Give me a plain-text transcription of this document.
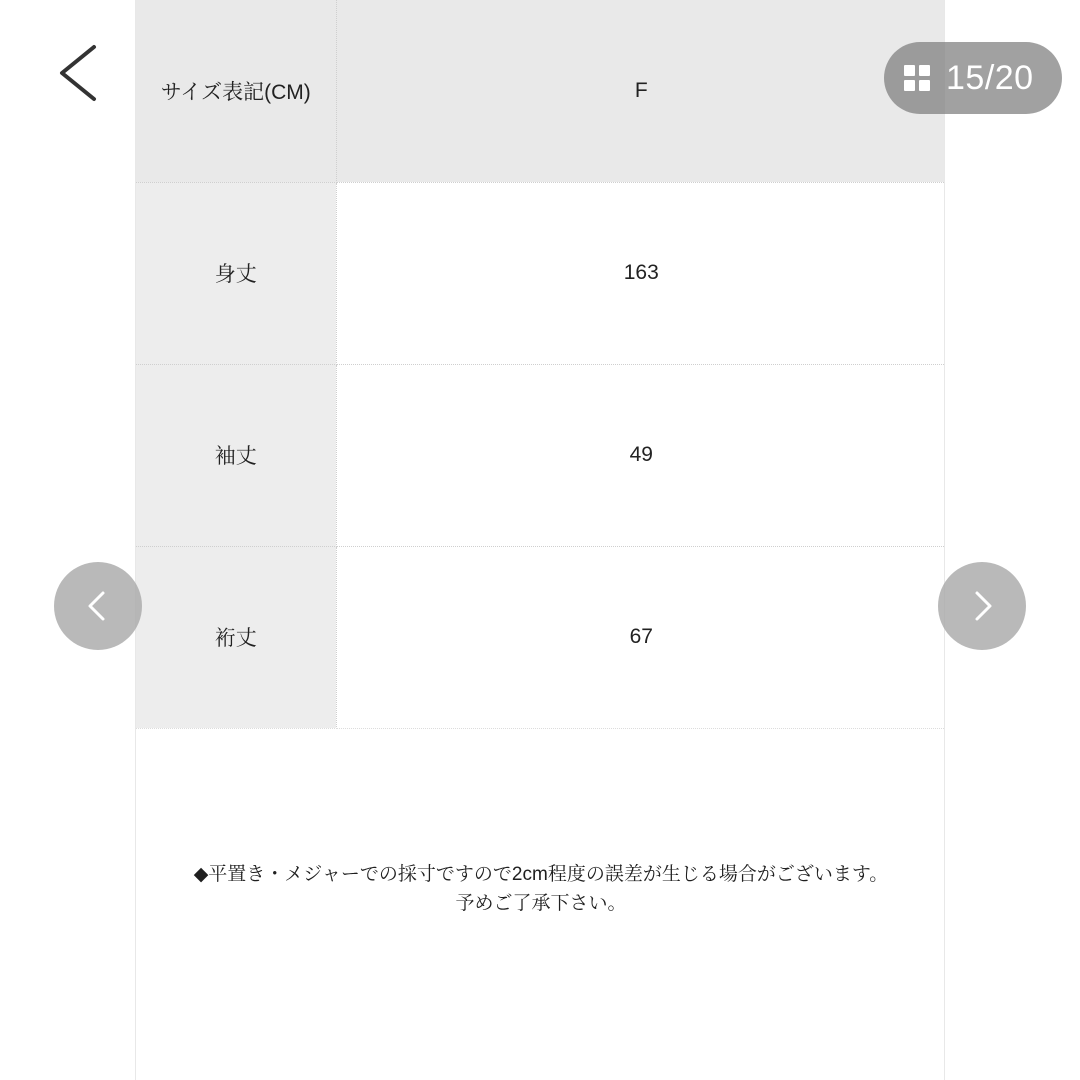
サイズ表記(CM)	F
身丈	163
袖丈	49
裄丈	67
◆平置き・メジャーでの採寸ですので2cm程度の誤差が生じる場合がございます。
予めご了承下さい。
15/20
